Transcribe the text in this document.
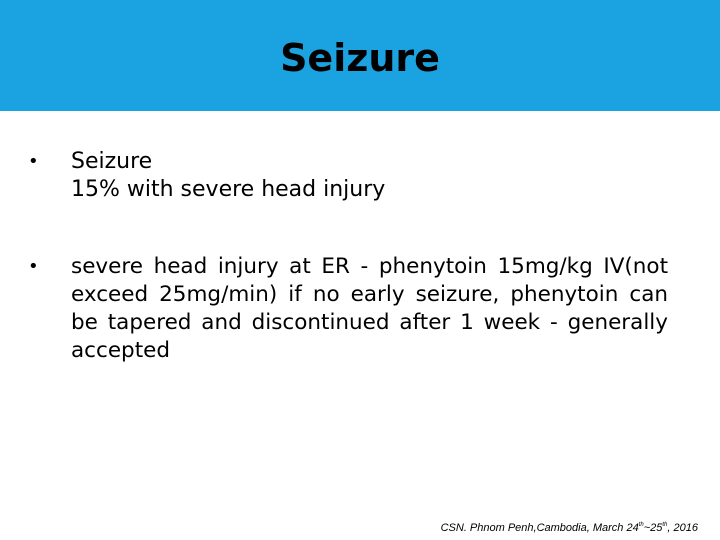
Seizure
•	Seizure
15% with severe head injury
•	severe head injury at ER - phenytoin 15mg/kg IV(not exceed 25mg/min) if no early seizure, phenytoin can be tapered and discontinued after 1 week - generally accepted
CSN. Phnom Penh,Cambodia, March 24th~25th, 2016
